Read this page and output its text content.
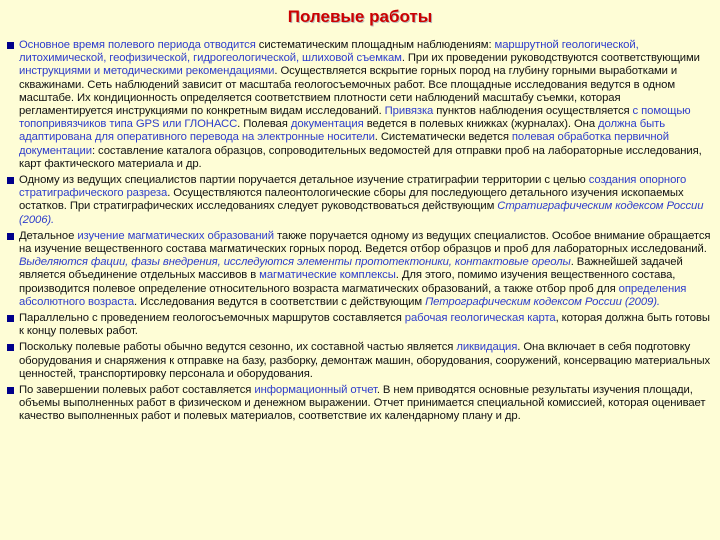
Полевые работы
Основное время полевого периода отводится систематическим площадным наблюдениям: маршрутной геологической, литохимической, геофизической, гидрогеологической, шлиховой съемкам. При их проведении руководствуются соответствующими инструкциями и методическими рекомендациями. Осуществляется вскрытие горных пород на глубину горными выработками и скважинами. Сеть наблюдений зависит от масштаба геологосъемочных работ. Все площадные исследования ведутся в одном масштабе. Их кондиционность определяется соответствием плотности сети наблюдений масштабу съемки, которая регламентируется инструкциями по конкретным видам исследований. Привязка пунктов наблюдения осуществляется с помощью топопривязчиков типа GPS или ГЛОНАСС. Полевая документация ведется в полевых книжках (журналах). Она должна быть адаптирована для оперативного перевода на электронные носители. Систематически ведется полевая обработка первичной документации: составление каталога образцов, сопроводительных ведомостей для отправки проб на лабораторные исследования, карт фактического материала и др.
Одному из ведущих специалистов партии поручается детальное изучение стратиграфии территории с целью создания опорного стратиграфического разреза. Осуществляются палеонтологические сборы для последующего детального изучения ископаемых остатков. При стратиграфических исследованиях следует руководствоваться действующим Стратиграфическим кодексом России (2006).
Детальное изучение магматических образований также поручается одному из ведущих специалистов. Особое внимание обращается на изучение вещественного состава магматических горных пород. Ведется отбор образцов и проб для лабораторных исследований. Выделяются фации, фазы внедрения, исследуются элементы прототектоники, контактовые ореолы. Важнейшей задачей является объединение отдельных массивов в магматические комплексы. Для этого, помимо изучения вещественного состава, производится полевое определение относительного возраста магматических образований, а также отбор проб для определения абсолютного возраста. Исследования ведутся в соответствии с действующим Петрографическим кодексом России (2009).
Параллельно с проведением геологосъемочных маршрутов составляется рабочая геологическая карта, которая должна быть готовы к концу полевых работ.
Поскольку полевые работы обычно ведутся сезонно, их составной частью является ликвидация. Она включает в себя подготовку оборудования и снаряжения к отправке на базу, разборку, демонтаж машин, оборудования, сооружений, консервацию материальных ценностей, транспортировку персонала и оборудования.
По завершении полевых работ составляется информационный отчет. В нем приводятся основные результаты изучения площади, объемы выполненных работ в физическом и денежном выражении. Отчет принимается специальной комиссией, которая оценивает качество выполненных работ и полевых материалов, соответствие их календарному плану и др.
